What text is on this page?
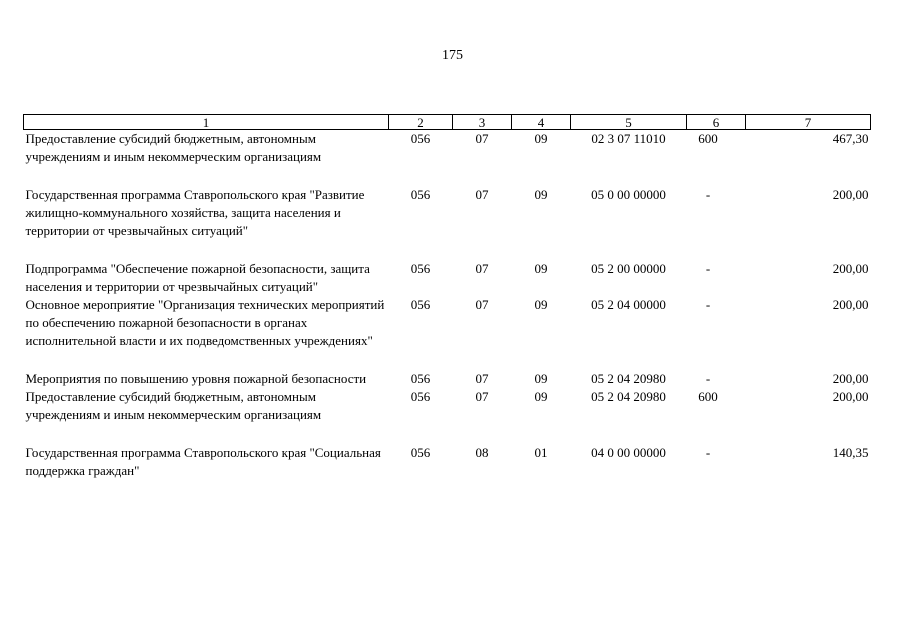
175
1	2	3	4	5	6	7
Предоставление субсидий бюджетным, автономным учреждениям и иным некоммерческим организациям	056	07	09	02 3 07 11010	600	467,30
Государственная программа Ставропольского края "Развитие жилищно-коммунального хозяйства, защита населения и территории от чрезвычайных ситуаций"	056	07	09	05 0 00 00000	-	200,00
Подпрограмма "Обеспечение пожарной безопасности, защита населения и территории от чрезвычайных ситуаций"	056	07	09	05 2 00 00000	-	200,00
Основное мероприятие "Организация технических мероприятий по обеспечению пожарной безопасности в органах исполнительной власти и их подведомственных учреждениях"	056	07	09	05 2 04 00000	-	200,00
Мероприятия по повышению уровня пожарной безопасности	056	07	09	05 2 04 20980	-	200,00
Предоставление субсидий бюджетным, автономным учреждениям и иным некоммерческим организациям	056	07	09	05 2 04 20980	600	200,00
Государственная программа Ставропольского края "Социальная поддержка граждан"	056	08	01	04 0 00 00000	-	140,35
